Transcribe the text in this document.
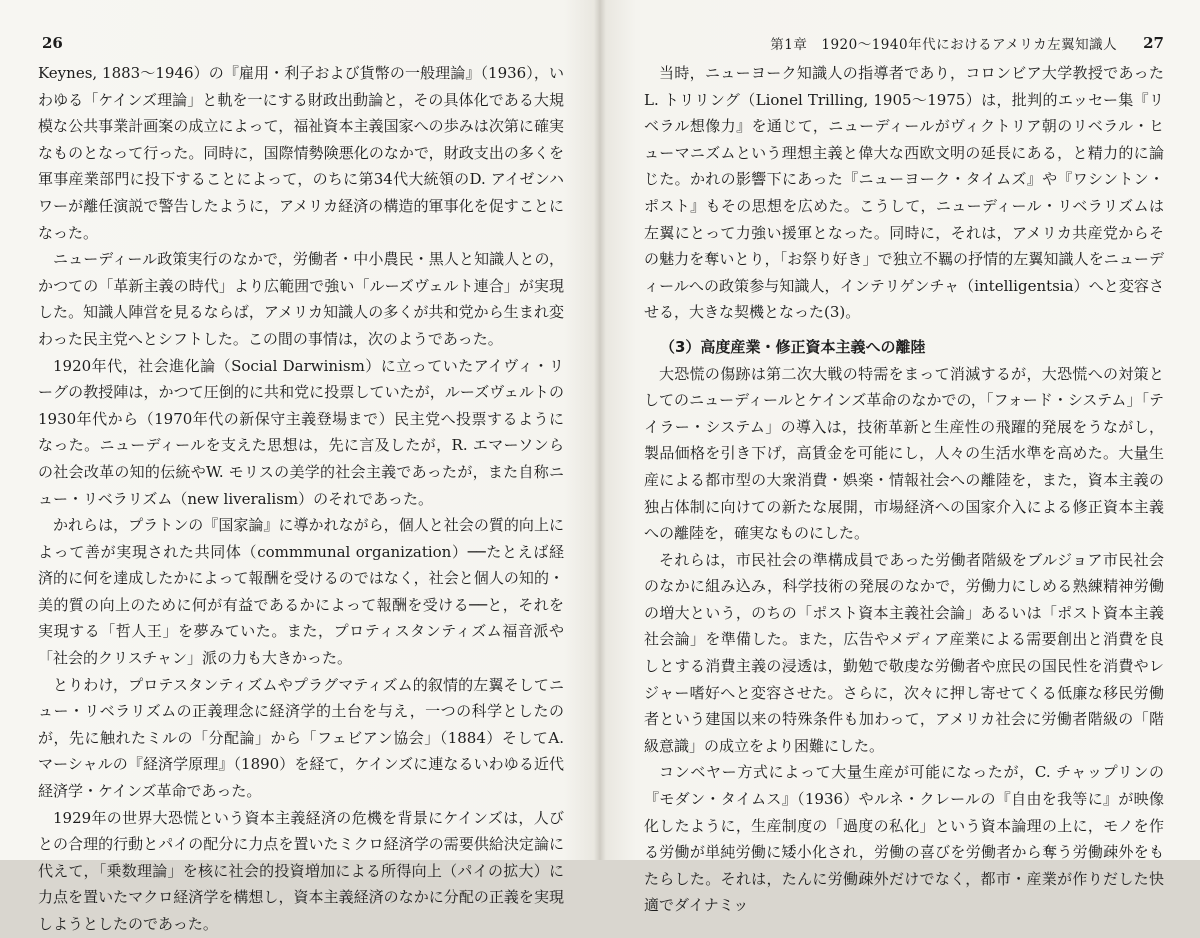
26

Keynes, 1883～1946）の『雇用・利子および貨幣の一般理論』（1936），いわゆる「ケインズ理論」と軌を一にする財政出動論と，その具体化である大規模な公共事業計画案の成立によって，福祉資本主義国家への歩みは次第に確実なものとなって行った。同時に，国際情勢険悪化のなかで，財政支出の多くを軍事産業部門に投下することによって，のちに第34代大統領のD. アイゼンハワーが離任演説で警告したように，アメリカ経済の構造的軍事化を促すことになった。

ニューディール政策実行のなかで，労働者・中小農民・黒人と知識人との，かつての「革新主義の時代」より広範囲で強い「ルーズヴェルト連合」が実現した。知識人陣営を見るならば，アメリカ知識人の多くが共和党から生まれ変わった民主党へとシフトした。この間の事情は，次のようであった。

1920年代，社会進化論（Social Darwinism）に立っていたアイヴィ・リーグの教授陣は，かつて圧倒的に共和党に投票していたが，ルーズヴェルトの1930年代から（1970年代の新保守主義登場まで）民主党へ投票するようになった。ニューディールを支えた思想は，先に言及したが，R. エマーソンらの社会改革の知的伝統やW. モリスの美学的社会主義であったが，また自称ニュー・リベラリズム（new liveralism）のそれであった。

かれらは，プラトンの『国家論』に導かれながら，個人と社会の質的向上によって善が実現された共同体（commmunal organization）──たとえば経済的に何を達成したかによって報酬を受けるのではなく，社会と個人の知的・美的質の向上のために何が有益であるかによって報酬を受ける──と，それを実現する「哲人王」を夢みていた。また，プロティスタンティズム福音派や「社会的クリスチャン」派の力も大きかった。

とりわけ，プロテスタンティズムやプラグマティズム的叙情的左翼そしてニュー・リベラリズムの正義理念に経済学的土台を与え，一つの科学としたのが，先に触れたミルの「分配論」から「フェビアン協会」（1884）そしてA. マーシャルの『経済学原理』（1890）を経て，ケインズに連なるいわゆる近代経済学・ケインズ革命であった。

1929年の世界大恐慌という資本主義経済の危機を背景にケインズは，人びとの合理的行動とパイの配分に力点を置いたミクロ経済学の需要供給決定論に代えて，「乗数理論」を核に社会的投資増加による所得向上（パイの拡大）に力点を置いたマクロ経済学を構想し，資本主義経済のなかに分配の正義を実現しようとしたのであった。

第1章　1920～1940年代におけるアメリカ左翼知識人 27

当時，ニューヨーク知識人の指導者であり，コロンビア大学教授であったL. トリリング（Lionel Trilling, 1905～1975）は，批判的エッセー集『リベラル想像力』を通じて，ニューディールがヴィクトリア朝のリベラル・ヒューマニズムという理想主義と偉大な西欧文明の延長にある，と精力的に論じた。かれの影響下にあった『ニューヨーク・タイムズ』や『ワシントン・ポスト』もその思想を広めた。こうして，ニューディール・リベラリズムは左翼にとって力強い援軍となった。同時に，それは，アメリカ共産党からその魅力を奪いとり，「お祭り好き」で独立不羈の抒情的左翼知識人をニューディールへの政策参与知識人，インテリゲンチャ（intelligentsia）へと変容させる，大きな契機となった(3)。

（3）高度産業・修正資本主義への離陸

大恐慌の傷跡は第二次大戦の特需をまって消滅するが，大恐慌への対策としてのニューディールとケインズ革命のなかでの，「フォード・システム」「テイラー・システム」の導入は，技術革新と生産性の飛躍的発展をうながし，製品価格を引き下げ，高賃金を可能にし，人々の生活水準を高めた。大量生産による都市型の大衆消費・娯楽・情報社会への離陸を，また，資本主義の独占体制に向けての新たな展開，市場経済への国家介入による修正資本主義への離陸を，確実なものにした。

それらは，市民社会の準構成員であった労働者階級をブルジョア市民社会のなかに組み込み，科学技術の発展のなかで，労働力にしめる熟練精神労働の増大という，のちの「ポスト資本主義社会論」あるいは「ポスト資本主義社会論」を準備した。また，広告やメディア産業による需要創出と消費を良しとする消費主義の浸透は，勤勉で敬虔な労働者や庶民の国民性を消費やレジャー嗜好へと変容させた。さらに，次々に押し寄せてくる低廉な移民労働者という建国以来の特殊条件も加わって，アメリカ社会に労働者階級の「階級意識」の成立をより困難にした。

コンベヤー方式によって大量生産が可能になったが，C. チャップリンの『モダン・タイムス』（1936）やルネ・クレールの『自由を我等に』が映像化したように，生産制度の「過度の私化」という資本論理の上に，モノを作る労働が単純労働に矮小化され，労働の喜びを労働者から奪う労働疎外をもたらした。それは，たんに労働疎外だけでなく，都市・産業が作りだした快適でダイナミッ
